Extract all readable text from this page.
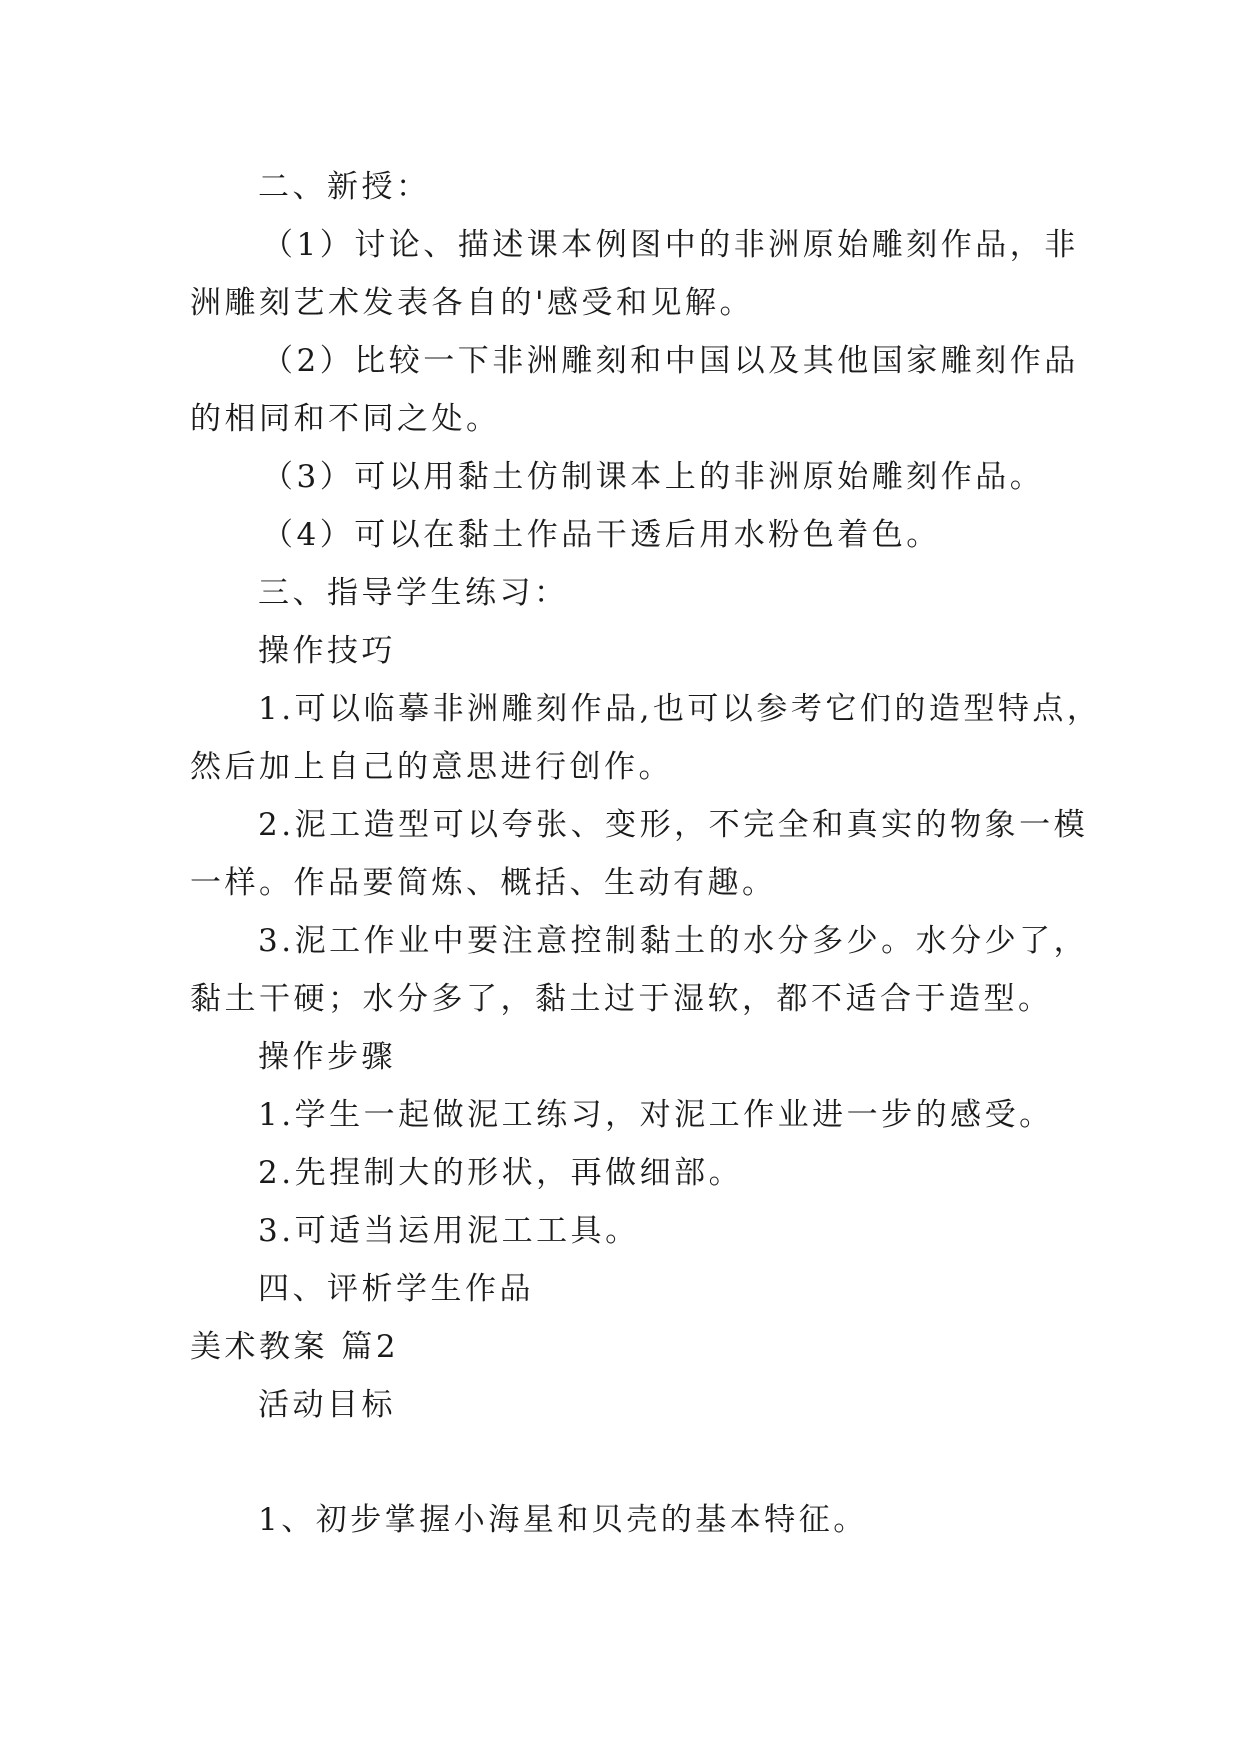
二、新授：
（1）讨论、描述课本例图中的非洲原始雕刻作品，非
洲雕刻艺术发表各自的'感受和见解。
（2）比较一下非洲雕刻和中国以及其他国家雕刻作品
的相同和不同之处。
（3）可以用黏土仿制课本上的非洲原始雕刻作品。
（4）可以在黏土作品干透后用水粉色着色。
三、指导学生练习：
操作技巧
1.可以临摹非洲雕刻作品,也可以参考它们的造型特点，
然后加上自己的意思进行创作。
2.泥工造型可以夸张、变形，不完全和真实的物象一模
一样。作品要简炼、概括、生动有趣。
3.泥工作业中要注意控制黏土的水分多少。水分少了，
黏土干硬；水分多了，黏土过于湿软，都不适合于造型。
操作步骤
1.学生一起做泥工练习，对泥工作业进一步的感受。
2.先捏制大的形状，再做细部。
3.可适当运用泥工工具。
四、评析学生作品
美术教案 篇2
活动目标
1、初步掌握小海星和贝壳的基本特征。
